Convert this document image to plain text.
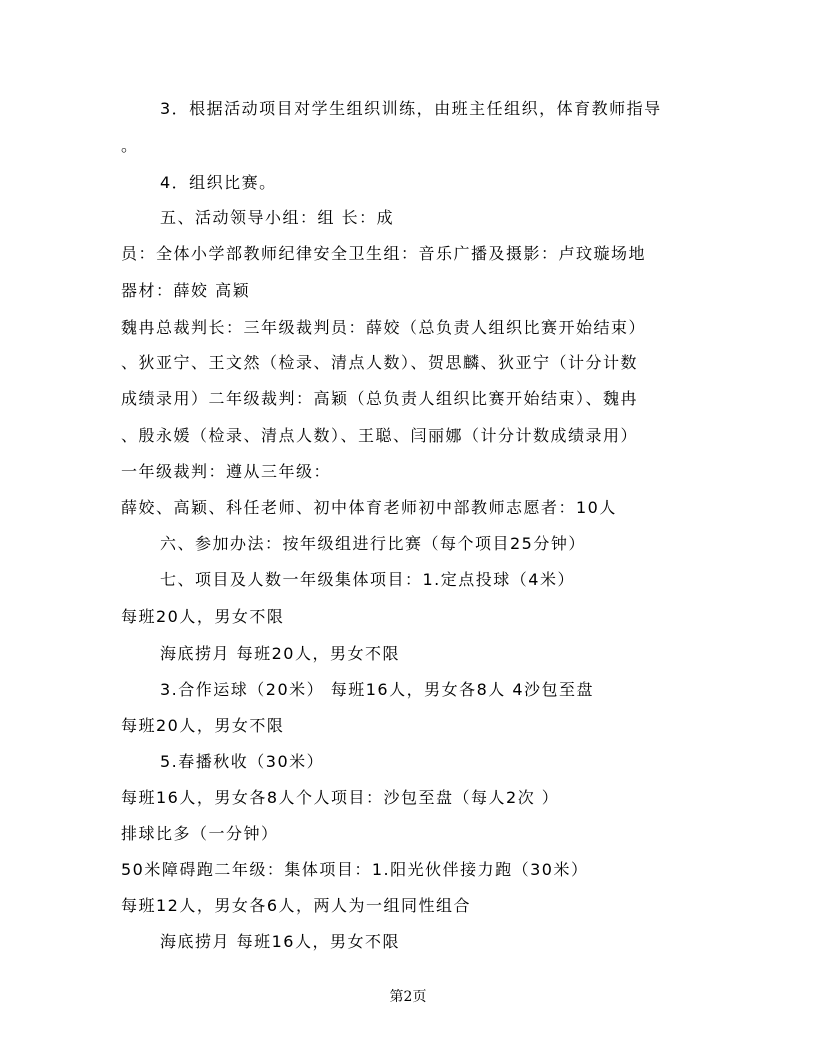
3．根据活动项目对学生组织训练，由班主任组织，体育教师指导
。
4．组织比赛。
五、活动领导小组：组 长：成
员：全体小学部教师纪律安全卫生组：音乐广播及摄影：卢玟璇场地
器材：薛姣 高颖
魏冉总裁判长：三年级裁判员：薛姣（总负责人组织比赛开始结束）
、狄亚宁、王文然（检录、清点人数）、贺思麟、狄亚宁（计分计数
成绩录用）二年级裁判：高颖（总负责人组织比赛开始结束）、魏冉
、殷永媛（检录、清点人数）、王聪、闫丽娜（计分计数成绩录用）
一年级裁判：遵从三年级：
薛姣、高颖、科任老师、初中体育老师初中部教师志愿者：10人
六、参加办法：按年级组进行比赛（每个项目25分钟）
七、项目及人数一年级集体项目：1.定点投球（4米）
每班20人，男女不限
海底捞月 每班20人，男女不限
3.合作运球（20米） 每班16人，男女各8人 4沙包至盘
每班20人，男女不限
5.春播秋收（30米）
每班16人，男女各8人个人项目：沙包至盘（每人2次 ）
排球比多（一分钟）
50米障碍跑二年级：集体项目：1.阳光伙伴接力跑（30米）
每班12人，男女各6人，两人为一组同性组合
海底捞月 每班16人，男女不限
第2页
